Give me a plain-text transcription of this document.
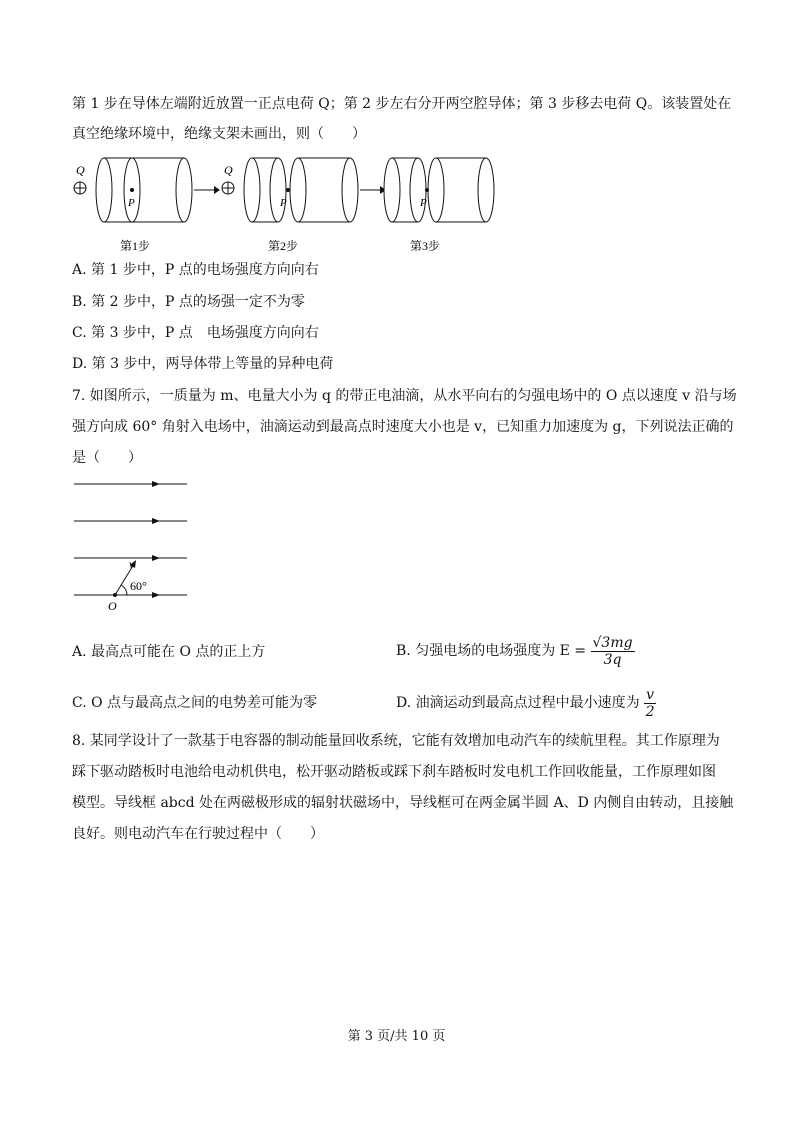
第 1 步在导体左端附近放置一正点电荷 Q；第 2 步左右分开两空腔导体；第 3 步移去电荷 Q。该装置处在
真空绝缘环境中，绝缘支架未画出，则（　　）
Q
P
第1步
Q
P
第2步
P
第3步
A. 第 1 步中，P 点的电场强度方向向右
B. 第 2 步中，P 点的场强一定不为零
C. 第 3 步中，P 点　电场强度方向向右
D. 第 3 步中，两导体带上等量的异种电荷
7. 如图所示，一质量为 m、电量大小为 q 的带正电油滴，从水平向右的匀强电场中的 O 点以速度 v 沿与场
强方向成 60° 角射入电场中，油滴运动到最高点时速度大小也是 v，已知重力加速度为 g，下列说法正确的
是（　　）
v
60°
O
A. 最高点可能在 O 点的正上方	B. 匀强电场的电场强度为 $E = \frac{√3mg}{3q}$
C. O 点与最高点之间的电势差可能为零	D. 油滴运动到最高点过程中最小速度为 $\frac{v}{2}$
8. 某同学设计了一款基于电容器的制动能量回收系统，它能有效增加电动汽车的续航里程。其工作原理为
踩下驱动踏板时电池给电动机供电，松开驱动踏板或踩下刹车踏板时发电机工作回收能量，工作原理如图
模型。导线框 abcd 处在两磁极形成的辐射状磁场中，导线框可在两金属半圆 A、D 内侧自由转动，且接触
良好。则电动汽车在行驶过程中（　　）
第 3 页/共 10 页
